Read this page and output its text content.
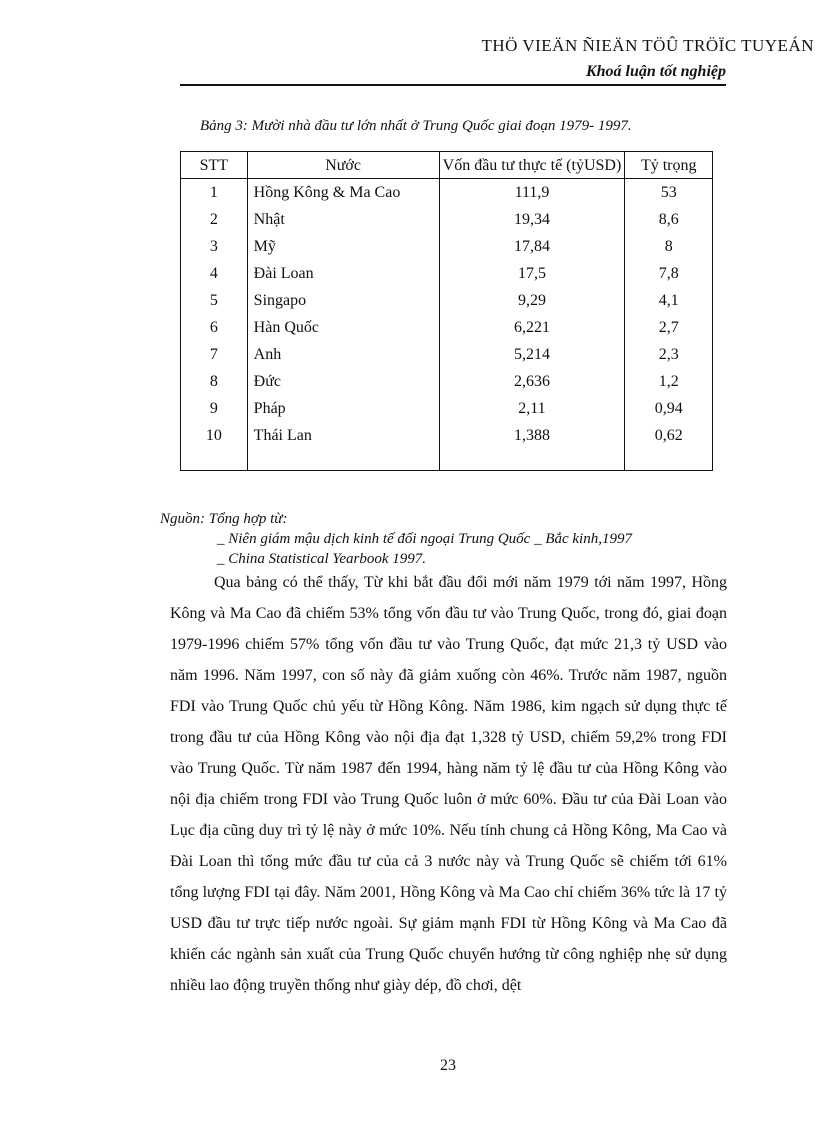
THÖ VIEÄN ÑIEÄN TÖÛ TRÖÏC TUYEÁN
Khoá luận tốt nghiệp
Bảng 3: Mười nhà đầu tư lớn nhất ở Trung Quốc giai đoạn 1979- 1997.
STT	Nước	Vốn đầu tư thực tế (tỷUSD)	Tỷ trọng
1	Hồng Kông & Ma Cao	111,9	53
2	Nhật	19,34	8,6
3	Mỹ	17,84	8
4	Đài Loan	17,5	7,8
5	Singapo	9,29	4,1
6	Hàn Quốc	6,221	2,7
7	Anh	5,214	2,3
8	Đức	2,636	1,2
9	Pháp	2,11	0,94
10	Thái Lan	1,388	0,62

Nguồn: Tổng hợp từ:
_ Niên giám mậu dịch kinh tế đối ngoại Trung Quốc _ Bắc kinh,1997
_ China Statistical Yearbook 1997.

Qua bảng có thể thấy, Từ khi bắt đầu đổi mới năm 1979 tới năm 1997, Hồng Kông và Ma Cao đã chiếm 53% tổng vốn đầu tư vào Trung Quốc, trong đó, giai đoạn 1979-1996 chiếm 57% tổng vốn đầu tư vào Trung Quốc, đạt mức 21,3 tỷ USD vào năm 1996. Năm 1997, con số này đã giảm xuống còn 46%. Trước năm 1987, nguồn FDI vào Trung Quốc chủ yếu từ Hồng Kông. Năm 1986, kim ngạch sử dụng thực tế trong đầu tư của Hồng Kông vào nội địa đạt 1,328 tỷ USD, chiếm 59,2% trong FDI vào Trung Quốc. Từ năm 1987 đến 1994, hàng năm tỷ lệ đầu tư của Hồng Kông vào nội địa chiếm trong FDI vào Trung Quốc luôn ở mức 60%. Đầu tư của Đài Loan vào Lục địa cũng duy trì tỷ lệ này ở mức 10%. Nếu tính chung cả Hồng Kông, Ma Cao và Đài Loan thì tổng mức đầu tư của cả 3 nước này và Trung Quốc sẽ chiếm tới 61% tổng lượng FDI tại đây. Năm 2001, Hồng Kông và Ma Cao chỉ chiếm 36% tức là 17 tỷ USD đầu tư trực tiếp nước ngoài. Sự giảm mạnh FDI từ Hồng Kông và Ma Cao đã khiến các ngành sản xuất của Trung Quốc chuyển hướng từ công nghiệp nhẹ sử dụng nhiều lao động truyền thống như giày dép, đồ chơi, dệt

23
